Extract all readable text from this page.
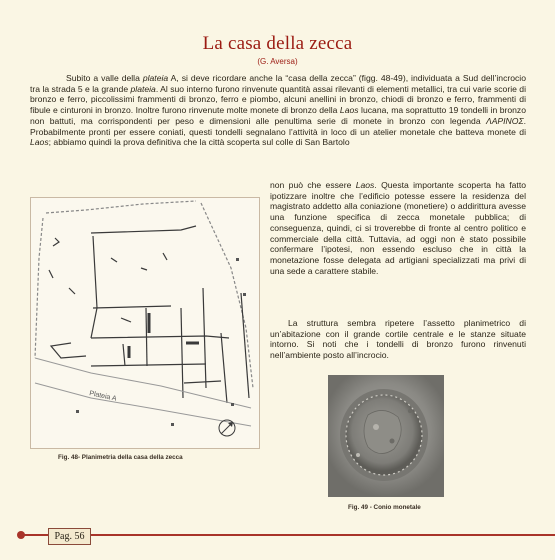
La casa della zecca
(G. Aversa)

Subito a valle della plateia A, si deve ricordare anche la “casa della zecca” (figg. 48-49), individuata a Sud dell’incrocio tra la strada 5 e la grande plateia. Al suo interno furono rinvenute quantità assai rilevanti di elementi metallici, tra cui varie scorie di bronzo e ferro, piccolissimi frammenti di bronzo, ferro e piombo, alcuni anellini in bronzo, chiodi di bronzo e ferro, frammenti di fibule e cinturoni in bronzo. Inoltre furono rinvenute molte monete di bronzo della Laos lucana, ma soprattutto 19 tondelli in bronzo non battuti, ma corrispondenti per peso e dimensioni alle penultima serie di monete in bronzo con legenda ΛΑΡΙΝΟΣ. Probabilmente pronti per essere coniati, questi tondelli segnalano l’attività in loco di un atelier monetale che batteva monete di Laos; abbiamo quindi la prova definitiva che la città scoperta sul colle di San Bartolo

non può che essere Laos. Questa importante scoperta ha fatto ipotizzare inoltre che l’edificio potesse essere la residenza del magistrato addetto alla coniazione (monetiere) o addirittura avesse una funzione specifica di zecca monetale pubblica; di conseguenza, quindi, ci si troverebbe di fronte al centro politico e commerciale della città. Tuttavia, ad oggi non è stato possibile confermare l’ipotesi, non essendo escluso che in città la monetazione fosse delegata ad artigiani specializzati ma privi di una sede a carattere stabile.

La struttura sembra ripetere l’assetto planimetrico di un’abitazione con il grande cortile centrale e le stanze situate intorno. Si noti che i tondelli di bronzo furono rinvenuti nell’ambiente posto all’incrocio.

Plateia A
Fig. 48- Planimetria della casa della zecca
Fig. 49 - Conio monetale
Pag. 56
